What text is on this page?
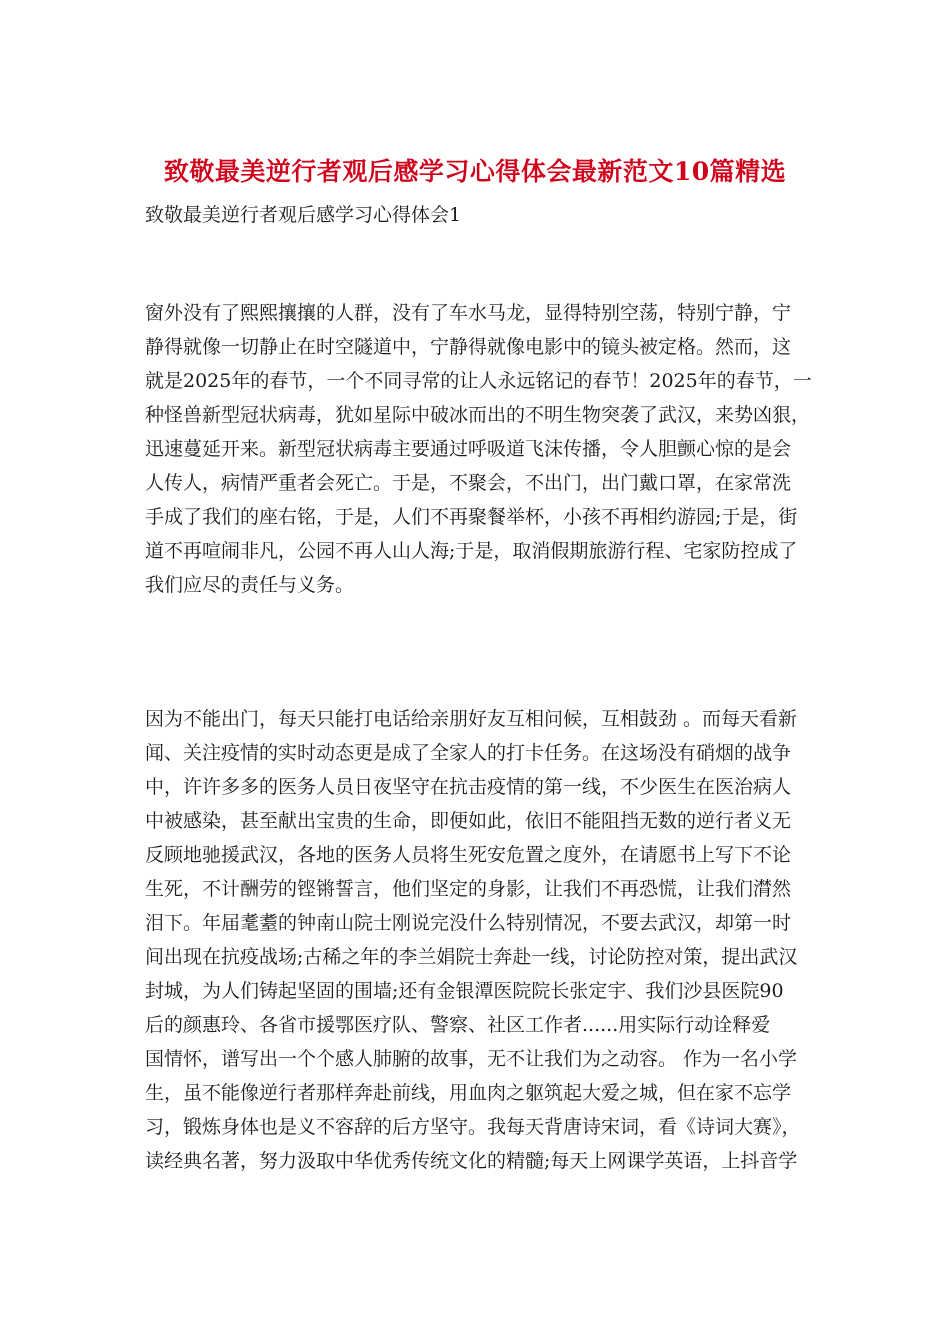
致敬最美逆行者观后感学习心得体会最新范文10篇精选
致敬最美逆行者观后感学习心得体会1

窗外没有了熙熙攘攘的人群，没有了车水马龙，显得特别空荡，特别宁静，宁
静得就像一切静止在时空隧道中，宁静得就像电影中的镜头被定格。然而，这
就是2025年的春节，一个不同寻常的让人永远铭记的春节！2025年的春节，一
种怪兽新型冠状病毒，犹如星际中破冰而出的不明生物突袭了武汉，来势凶狠，
迅速蔓延开来。新型冠状病毒主要通过呼吸道飞沫传播，令人胆颤心惊的是会
人传人，病情严重者会死亡。于是，不聚会，不出门，出门戴口罩，在家常洗
手成了我们的座右铭，于是，人们不再聚餐举杯，小孩不再相约游园;于是，街
道不再喧闹非凡，公园不再人山人海;于是，取消假期旅游行程、宅家防控成了
我们应尽的责任与义务。

因为不能出门，每天只能打电话给亲朋好友互相问候，互相鼓劲 。而每天看新
闻、关注疫情的实时动态更是成了全家人的打卡任务。在这场没有硝烟的战争
中，许许多多的医务人员日夜坚守在抗击疫情的第一线，不少医生在医治病人
中被感染，甚至献出宝贵的生命，即便如此，依旧不能阻挡无数的逆行者义无
反顾地驰援武汉，各地的医务人员将生死安危置之度外，在请愿书上写下不论
生死，不计酬劳的铿锵誓言，他们坚定的身影，让我们不再恐慌，让我们潸然
泪下。年届耄耋的钟南山院士刚说完没什么特别情况，不要去武汉，却第一时
间出现在抗疫战场;古稀之年的李兰娟院士奔赴一线，讨论防控对策，提出武汉
封城，为人们铸起坚固的围墙;还有金银潭医院院长张定宇、我们沙县医院90
后的颜惠玲、各省市援鄂医疗队、警察、社区工作者......用实际行动诠释爱
国情怀，谱写出一个个感人肺腑的故事，无不让我们为之动容。 作为一名小学
生，虽不能像逆行者那样奔赴前线，用血肉之躯筑起大爱之城，但在家不忘学
习，锻炼身体也是义不容辞的后方坚守。我每天背唐诗宋词，看《诗词大赛》，
读经典名著，努力汲取中华优秀传统文化的精髓;每天上网课学英语，上抖音学
